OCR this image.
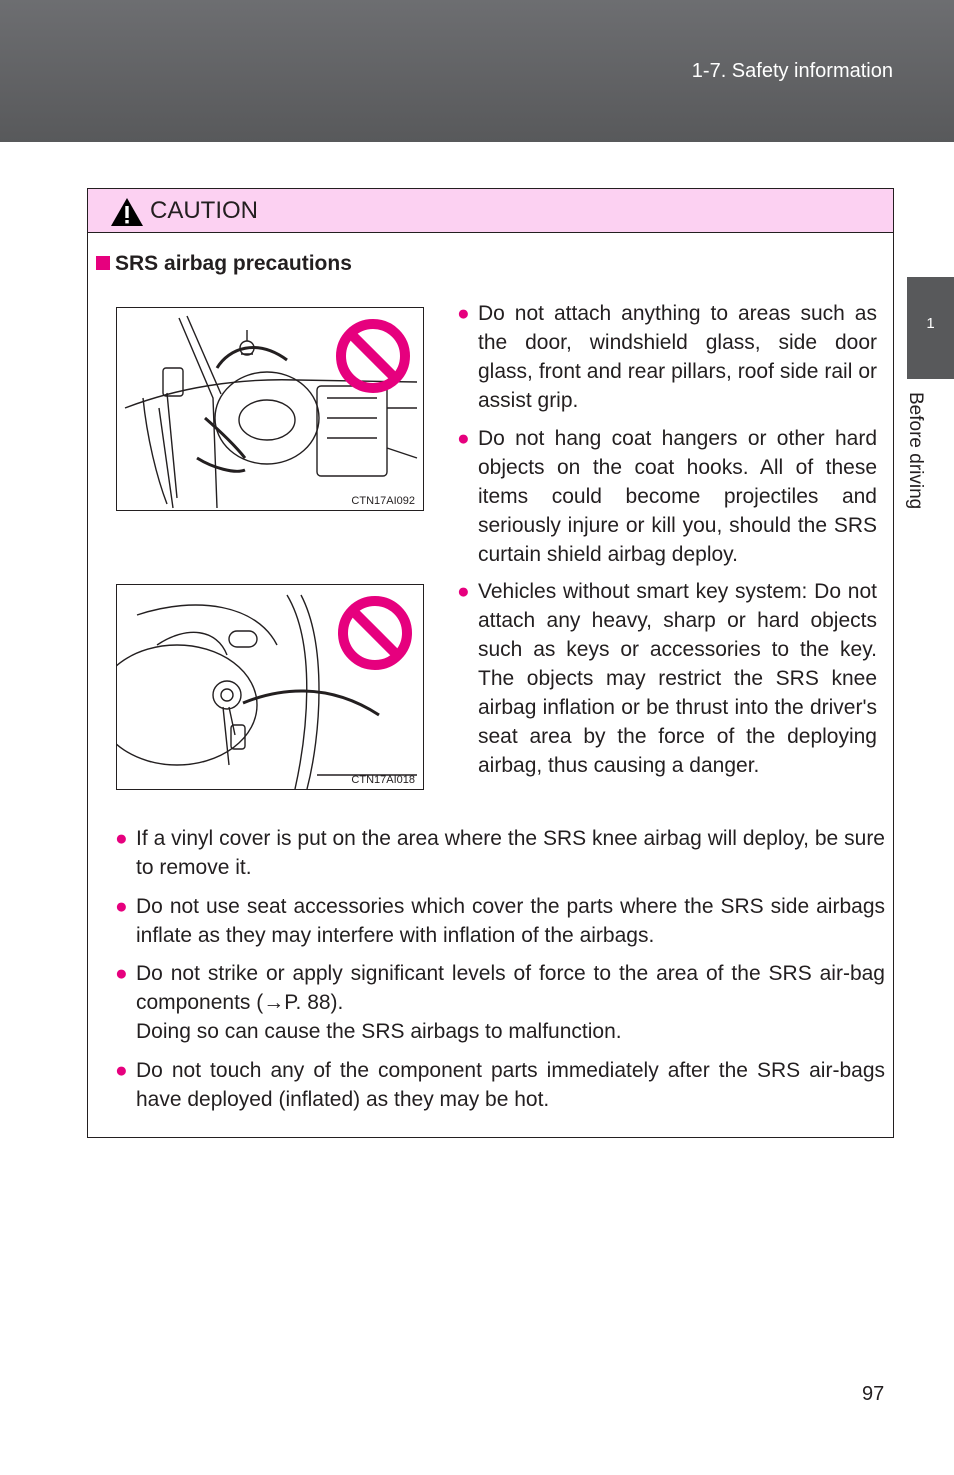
1-7. Safety information
1
Before driving
CAUTION
SRS airbag precautions
CTN17AI092
CTN17AI018
● Do not attach anything to areas such as the door, windshield glass, side door glass, front and rear pillars, roof side rail or assist grip.
● Do not hang coat hangers or other hard objects on the coat hooks. All of these items could become projectiles and seriously injure or kill you, should the SRS curtain shield airbag deploy.
● Vehicles without smart key system: Do not attach any heavy, sharp or hard objects such as keys or accessories to the key. The objects may restrict the SRS knee airbag inflation or be thrust into the driver's seat area by the force of the deploying airbag, thus causing a danger.
● If a vinyl cover is put on the area where the SRS knee airbag will deploy, be sure to remove it.
● Do not use seat accessories which cover the parts where the SRS side airbags inflate as they may interfere with inflation of the airbags.
● Do not strike or apply significant levels of force to the area of the SRS air-bag components (→P. 88).
Doing so can cause the SRS airbags to malfunction.
● Do not touch any of the component parts immediately after the SRS air-bags have deployed (inflated) as they may be hot.
97
